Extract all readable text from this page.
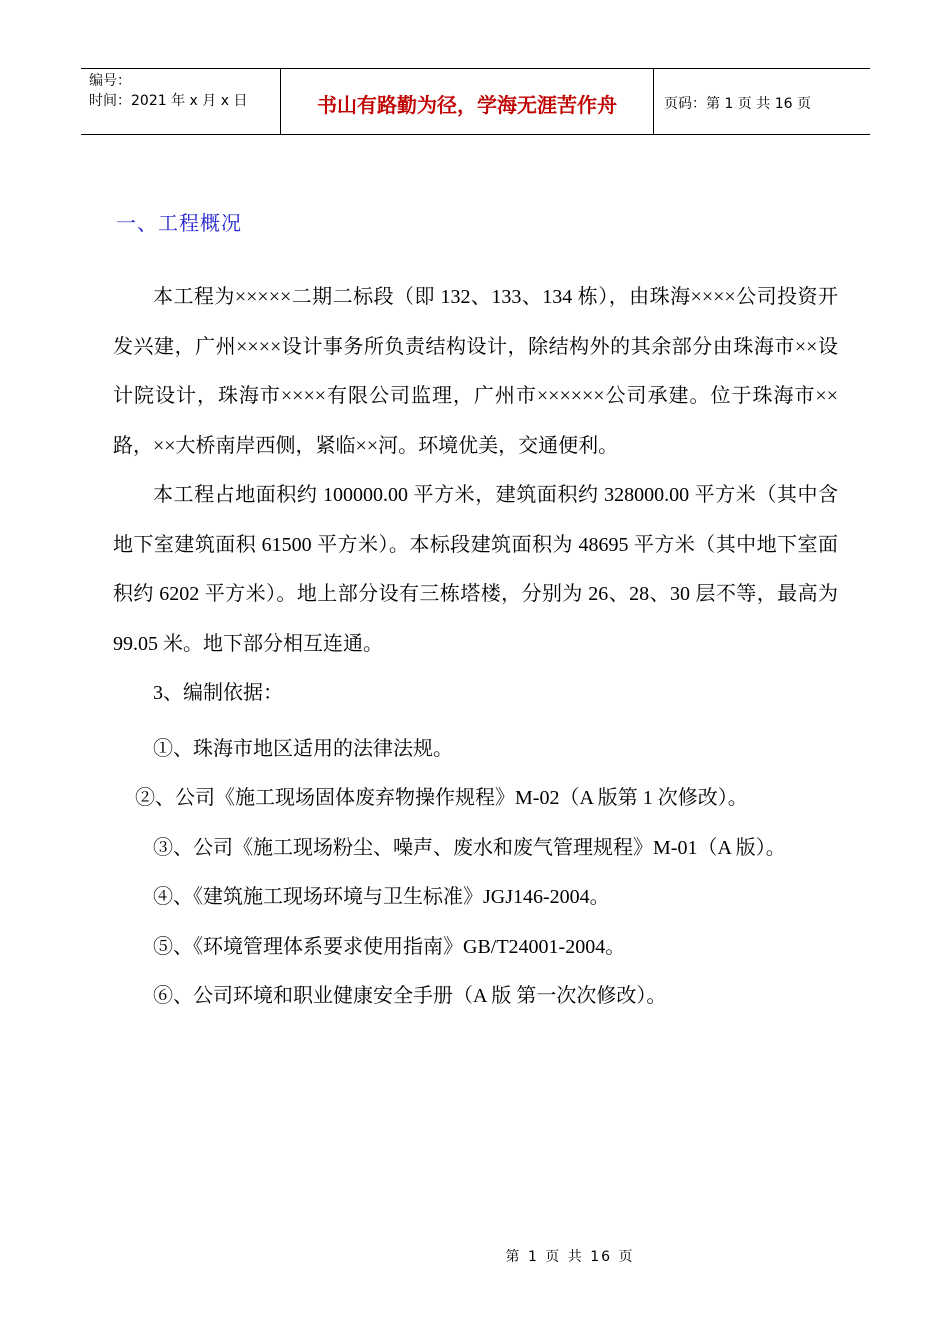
编号：
时间：2021 年 x 月 x 日	书山有路勤为径，学海无涯苦作舟	页码：第 1 页 共 16 页
一、工程概况

本工程为×××××二期二标段（即 132、133、134 栋），由珠海××××公司投资开发兴建，广州××××设计事务所负责结构设计，除结构外的其余部分由珠海市××设计院设计，珠海市××××有限公司监理，广州市××××××公司承建。位于珠海市××路，××大桥南岸西侧，紧临××河。环境优美，交通便利。

本工程占地面积约 100000.00 平方米，建筑面积约 328000.00 平方米（其中含地下室建筑面积 61500 平方米）。本标段建筑面积为 48695 平方米（其中地下室面积约 6202 平方米）。地上部分设有三栋塔楼，分别为 26、28、30 层不等，最高为 99.05 米。地下部分相互连通。

3、编制依据：

①、珠海市地区适用的法律法规。

②、公司《施工现场固体废弃物操作规程》M-02（A 版第 1 次修改）。

③、公司《施工现场粉尘、噪声、废水和废气管理规程》M-01（A 版）。

④、《建筑施工现场环境与卫生标准》JGJ146-2004。

⑤、《环境管理体系要求使用指南》GB/T24001-2004。

⑥、公司环境和职业健康安全手册（A 版 第一次次修改）。

第 1 页 共 16 页
